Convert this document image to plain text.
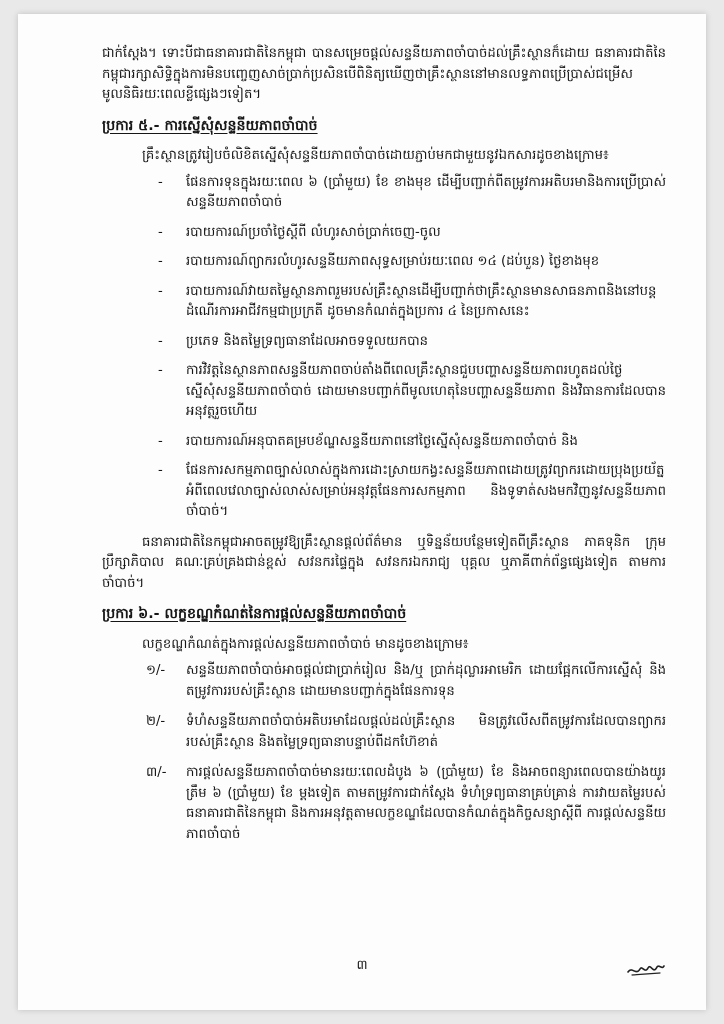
ជាក់ស្តែង។ ទោះបីជាធនាគារជាតិនៃកម្ពុជា បានសម្រេចផ្តល់សន្ទនីយភាពចាំបាច់ដល់គ្រឹះស្ថានក៏ដោយ ធនាគារជាតិនៃកម្ពុជារក្សាសិទ្ធិក្នុងការមិនបញ្ចេញសាច់ប្រាក់ប្រសិនបើពិនិត្យឃើញថាគ្រឹះស្ថាននៅមានលទ្ធភាពប្រើប្រាស់ជម្រើសមូលនិធិរយៈពេលខ្លីផ្សេងៗទៀត។

ប្រការ ៥.- ការស្នើសុំសន្ទនីយភាពចាំបាច់

គ្រឹះស្ថានត្រូវរៀបចំលិខិតស្នើសុំសន្ទនីយភាពចាំបាច់ដោយភ្ជាប់មកជាមួយនូវឯកសារដូចខាងក្រោម៖

- ផែនការទុនក្នុងរយៈពេល ៦ (ប្រាំមួយ) ខែ ខាងមុខ ដើម្បីបញ្ជាក់ពីតម្រូវការអតិបរមានិងការប្រើប្រាស់សន្ទនីយភាពចាំបាច់
- របាយការណ៍ប្រចាំថ្ងៃស្តីពី លំហូរសាច់ប្រាក់ចេញ-ចូល
- របាយការណ៍ព្យាករលំហូរសន្ទនីយភាពសុទ្ធសម្រាប់រយៈពេល ១៤ (ដប់បួន) ថ្ងៃខាងមុខ
- របាយការណ៍វាយតម្លៃស្ថានភាពរួមរបស់គ្រឹះស្ថានដើម្បីបញ្ជាក់ថាគ្រឹះស្ថានមានសាធនភាពនិងនៅបន្តដំណើរការអាជីវកម្មជាប្រក្រតី ដូចមានកំណត់ក្នុងប្រការ ៤ នៃប្រកាសនេះ
- ប្រភេទ និងតម្លៃទ្រព្យធានាដែលអាចទទួលយកបាន
- ការវិវត្តនៃស្ថានភាពសន្ទនីយភាពចាប់តាំងពីពេលគ្រឹះស្ថានជួបបញ្ហាសន្ទនីយភាពរហូតដល់ថ្ងៃស្នើសុំសន្ទនីយភាពចាំបាច់ ដោយមានបញ្ជាក់ពីមូលហេតុនៃបញ្ហាសន្ទនីយភាព និងវិធានការដែលបានអនុវត្តរួចហើយ
- របាយការណ៍អនុបាតគម្របខ័ណ្ឌសន្ទនីយភាពនៅថ្ងៃស្នើសុំសន្ទនីយភាពចាំបាច់ និង
- ផែនការសកម្មភាពច្បាស់លាស់ក្នុងការដោះស្រាយកង្វះសន្ទនីយភាពដោយត្រូវព្យាករដោយប្រុងប្រយ័ត្នអំពីពេលវេលាច្បាស់លាស់សម្រាប់អនុវត្តផែនការសកម្មភាព និងទូទាត់សងមកវិញនូវសន្ទនីយភាពចាំបាច់។

ធនាគារជាតិនៃកម្ពុជាអាចតម្រូវឱ្យគ្រឹះស្ថានផ្តល់ព័ត៌មាន ឬទិន្នន័យបន្ថែមទៀតពីគ្រឹះស្ថាន ភាគទុនិក ក្រុមប្រឹក្សាភិបាល គណៈគ្រប់គ្រងជាន់ខ្ពស់ សវនករផ្ទៃក្នុង សវនករឯករាជ្យ បុគ្គល ឬភាគីពាក់ព័ន្ធផ្សេងទៀត តាមការចាំបាច់។

ប្រការ ៦.- លក្ខខណ្ឌកំណត់នៃការផ្តល់សន្ទនីយភាពចាំបាច់

លក្ខខណ្ឌកំណត់ក្នុងការផ្តល់សន្ទនីយភាពចាំបាច់ មានដូចខាងក្រោម៖

១/- សន្ទនីយភាពចាំបាច់អាចផ្តល់ជាប្រាក់រៀល និង/ឬ ប្រាក់ដុល្លារអាមេរិក ដោយផ្អែកលើការស្នើសុំ និងតម្រូវការរបស់គ្រឹះស្ថាន ដោយមានបញ្ជាក់ក្នុងផែនការទុន
២/- ទំហំសន្ទនីយភាពចាំបាច់អតិបរមាដែលផ្តល់ដល់គ្រឹះស្ថាន មិនត្រូវលើសពីតម្រូវការដែលបានព្យាកររបស់គ្រឹះស្ថាន និងតម្លៃទ្រព្យធានាបន្ទាប់ពីដកហ៊ែខាត់
៣/- ការផ្តល់សន្ទនីយភាពចាំបាច់មានរយៈពេលដំបូង ៦ (ប្រាំមួយ) ខែ និងអាចពន្យារពេលបានយ៉ាងយូរត្រឹម ៦ (ប្រាំមួយ) ខែ ម្តងទៀត តាមតម្រូវការជាក់ស្តែង ទំហំទ្រព្យធានាគ្រប់គ្រាន់ ការវាយតម្លៃរបស់ធនាគារជាតិនៃកម្ពុជា និងការអនុវត្តតាមលក្ខខណ្ឌដែលបានកំណត់ក្នុងកិច្ចសន្យាស្តីពី ការផ្តល់សន្ទនីយភាពចាំបាច់
៣
